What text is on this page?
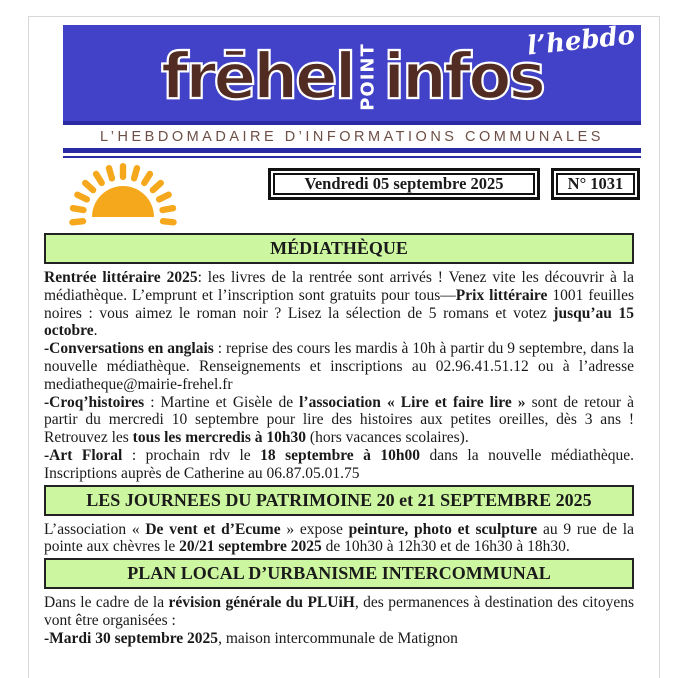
frēhel POINT infos
l’hebdo
L’HEBDOMADAIRE D’INFORMATIONS COMMUNALES
Vendredi 05 septembre 2025	N° 1031
MÉDIATHÈQUE

Rentrée littéraire 2025: les livres de la rentrée sont arrivés ! Venez vite les découvrir à la médiathèque. L’emprunt et l’inscription sont gratuits pour tous—Prix littéraire 1001 feuilles noires : vous aimez le roman noir ? Lisez la sélection de 5 romans et votez jusqu’au 15 octobre.

-Conversations en anglais : reprise des cours les mardis à 10h à partir du 9 septembre, dans la nouvelle médiathèque. Renseignements et inscriptions au 02.96.41.51.12 ou à l’adresse mediatheque@mairie-frehel.fr

-Croq’histoires : Martine et Gisèle de l’association « Lire et faire lire » sont de retour à partir du mercredi 10 septembre pour lire des histoires aux petites oreilles, dès 3 ans ! Retrouvez les tous les mercredis à 10h30 (hors vacances scolaires).

-Art Floral : prochain rdv le 18 septembre à 10h00 dans la nouvelle médiathèque. Inscriptions auprès de Catherine au 06.87.05.01.75

LES JOURNEES DU PATRIMOINE 20 et 21 SEPTEMBRE 2025

L’association « De vent et d’Ecume » expose peinture, photo et sculpture au 9 rue de la pointe aux chèvres le 20/21 septembre 2025 de 10h30 à 12h30 et de 16h30 à 18h30.

PLAN LOCAL D’URBANISME INTERCOMMUNAL

Dans le cadre de la révision générale du PLUiH, des permanences à destination des citoyens vont être organisées :

-Mardi 30 septembre 2025, maison intercommunale de Matignon
